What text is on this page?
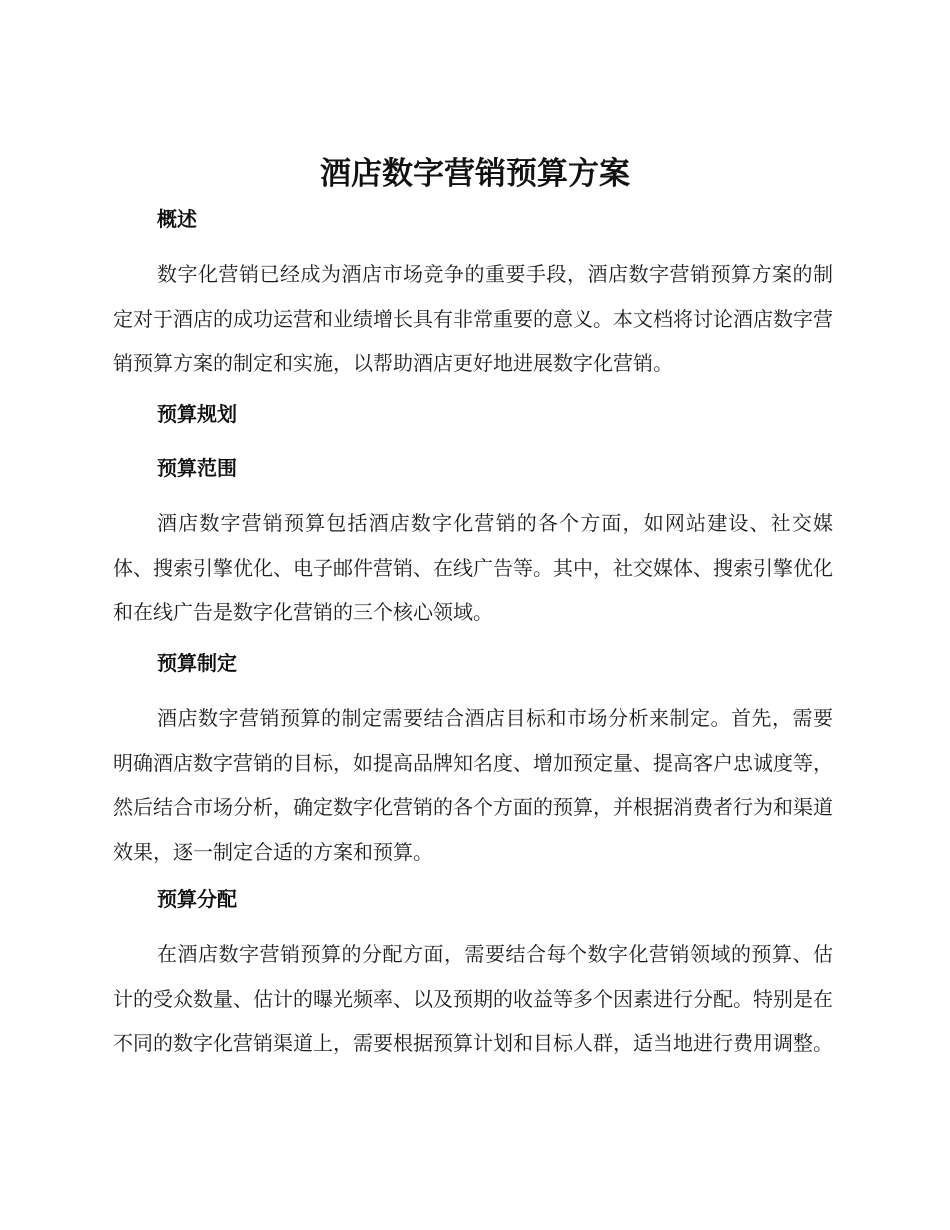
酒店数字营销预算方案
概述

数字化营销已经成为酒店市场竞争的重要手段，酒店数字营销预算方案的制定对于酒店的成功运营和业绩增长具有非常重要的意义。本文档将讨论酒店数字营销预算方案的制定和实施，以帮助酒店更好地进展数字化营销。

预算规划
预算范围

酒店数字营销预算包括酒店数字化营销的各个方面，如网站建设、社交媒体、搜索引擎优化、电子邮件营销、在线广告等。其中，社交媒体、搜索引擎优化和在线广告是数字化营销的三个核心领域。

预算制定

酒店数字营销预算的制定需要结合酒店目标和市场分析来制定。首先，需要明确酒店数字营销的目标，如提高品牌知名度、增加预定量、提高客户忠诚度等，然后结合市场分析，确定数字化营销的各个方面的预算，并根据消费者行为和渠道效果，逐一制定合适的方案和预算。

预算分配

在酒店数字营销预算的分配方面，需要结合每个数字化营销领域的预算、估计的受众数量、估计的曝光频率、以及预期的收益等多个因素进行分配。特别是在不同的数字化营销渠道上，需要根据预算计划和目标人群，适当地进行费用调整。
